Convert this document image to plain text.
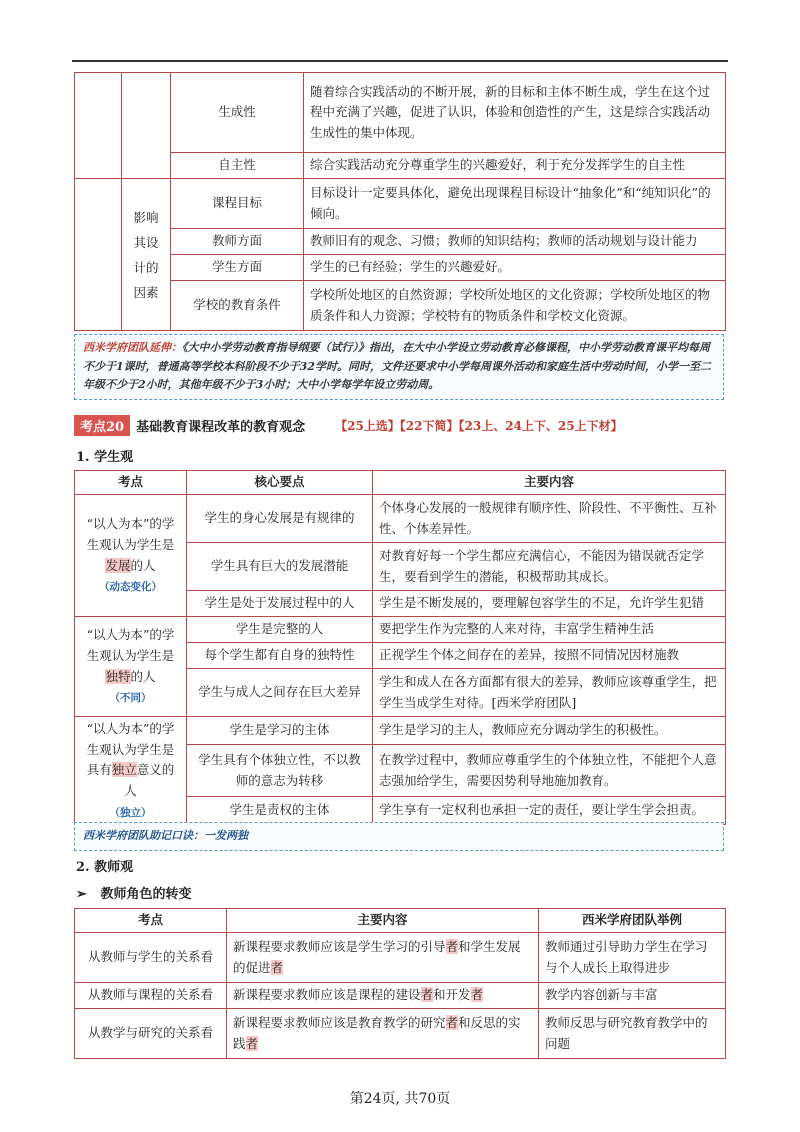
		生成性	随着综合实践活动的不断开展，新的目标和主体不断生成，学生在这个过程中充满了兴趣，促进了认识，体验和创造性的产生，这是综合实践活动生成性的集中体现。
		自主性	综合实践活动充分尊重学生的兴趣爱好，利于充分发挥学生的自主性
	影响其设计的因素	课程目标	目标设计一定要具体化，避免出现课程目标设计“抽象化”和“纯知识化”的倾向。
		教师方面	教师旧有的观念、习惯；教师的知识结构；教师的活动规划与设计能力
		学生方面	学生的已有经验；学生的兴趣爱好。
		学校的教育条件	学校所处地区的自然资源；学校所处地区的文化资源；学校所处地区的物质条件和人力资源；学校特有的物质条件和学校文化资源。
西米学府团队延伸：《大中小学劳动教育指导纲要（试行）》指出，在大中小学设立劳动教育必修课程，中小学劳动教育课平均每周不少于1课时，普通高等学校本科阶段不少于32学时。同时，文件还要求中小学每周课外活动和家庭生活中劳动时间，小学一至二年级不少于2小时，其他年级不少于3小时；大中小学每学年设立劳动周。
考点20 基础教育课程改革的教育观念	【25上选】【22下简】【23上、24上下、25上下材】
1. 学生观
考点	核心要点	主要内容
“以人为本”的学生观认为学生是发展的人
（动态变化）	学生的身心发展是有规律的	个体身心发展的一般规律有顺序性、阶段性、不平衡性、互补性、个体差异性。
	学生具有巨大的发展潜能	对教育好每一个学生都应充满信心，不能因为错误就否定学生，要看到学生的潜能，积极帮助其成长。
	学生是处于发展过程中的人	学生是不断发展的，要理解包容学生的不足，允许学生犯错
“以人为本”的学生观认为学生是独特的人
（不同）	学生是完整的人	要把学生作为完整的人来对待，丰富学生精神生活
	每个学生都有自身的独特性	正视学生个体之间存在的差异，按照不同情况因材施教
	学生与成人之间存在巨大差异	学生和成人在各方面都有很大的差异，教师应该尊重学生，把学生当成学生对待。[西米学府团队]
“以人为本”的学生观认为学生是具有独立意义的人
（独立）	学生是学习的主体	学生是学习的主人，教师应充分调动学生的积极性。
	学生具有个体独立性，不以教师的意志为转移	在教学过程中，教师应尊重学生的个体独立性，不能把个人意志强加给学生，需要因势利导地施加教育。
	学生是责权的主体	学生享有一定权利也承担一定的责任，要让学生学会担责。
西米学府团队助记口诀：一发两独
2. 教师观
➢ 教师角色的转变
考点	主要内容	西米学府团队举例
从教师与学生的关系看	新课程要求教师应该是学生学习的引导者和学生发展的促进者	教师通过引导助力学生在学习与个人成长上取得进步
从教师与课程的关系看	新课程要求教师应该是课程的建设者和开发者	教学内容创新与丰富
从教学与研究的关系看	新课程要求教师应该是教育教学的研究者和反思的实践者	教师反思与研究教育教学中的问题
第24页, 共70页
